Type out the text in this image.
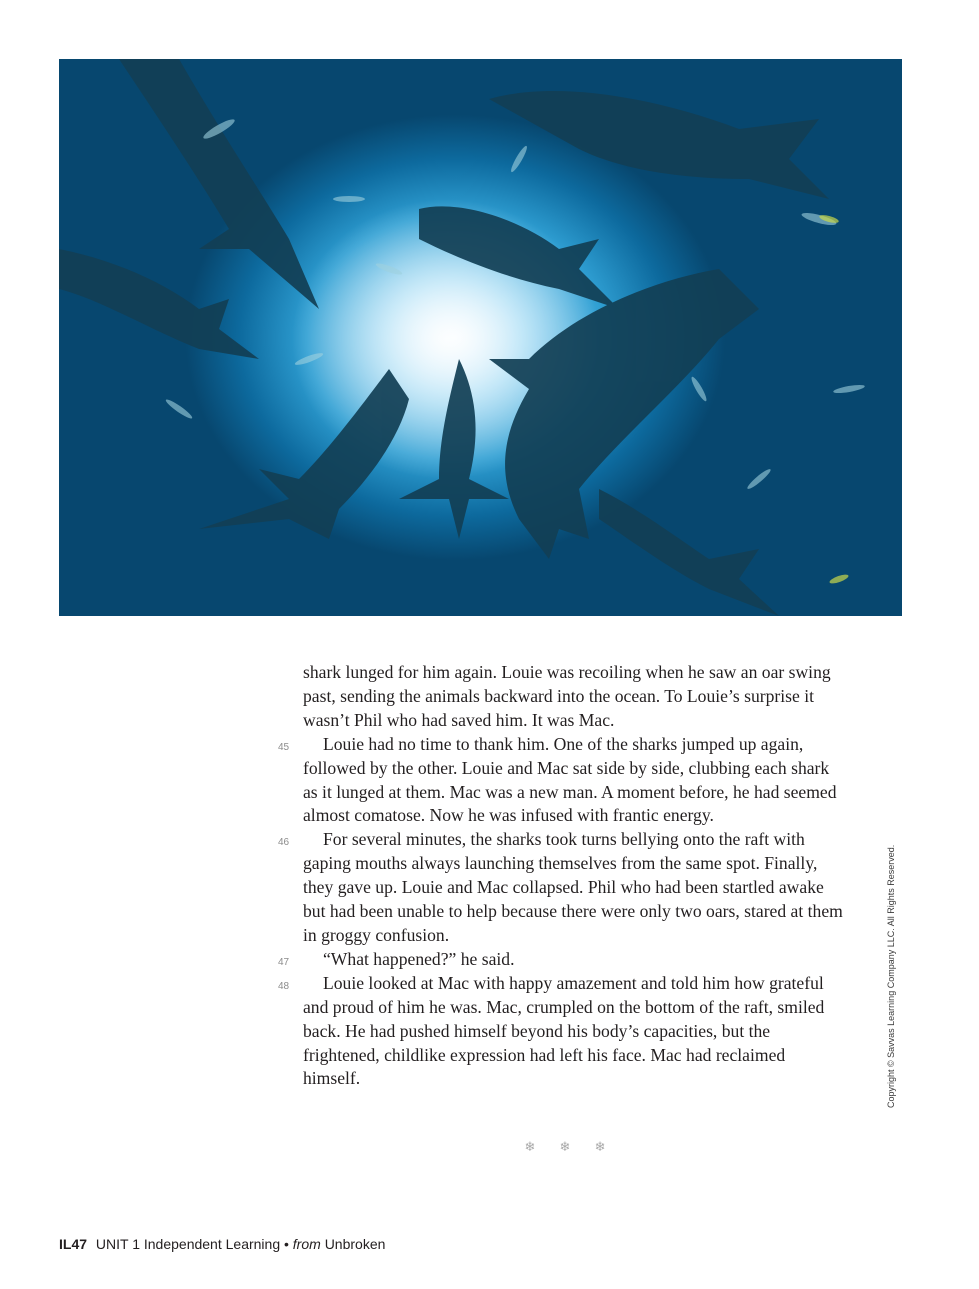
shark lunged for him again. Louie was recoiling when he saw an oar swing past, sending the animals backward into the ocean. To Louie’s surprise it wasn’t Phil who had saved him. It was Mac.

45 Louie had no time to thank him. One of the sharks jumped up again, followed by the other. Louie and Mac sat side by side, clubbing each shark as it lunged at them. Mac was a new man. A moment before, he had seemed almost comatose. Now he was infused with frantic energy.

46 For several minutes, the sharks took turns bellying onto the raft with gaping mouths always launching themselves from the same spot. Finally, they gave up. Louie and Mac collapsed. Phil who had been startled awake but had been unable to help because there were only two oars, stared at them in groggy confusion.

47 “What happened?” he said.

48 Louie looked at Mac with happy amazement and told him how grateful and proud of him he was. Mac, crumpled on the bottom of the raft, smiled back. He had pushed himself beyond his body’s capacities, but the frightened, childlike expression had left his face. Mac had reclaimed himself.

❄ ❄ ❄
Copyright © Savvas Learning Company LLC. All Rights Reserved.
IL47 UNIT 1 Independent Learning • from Unbroken
